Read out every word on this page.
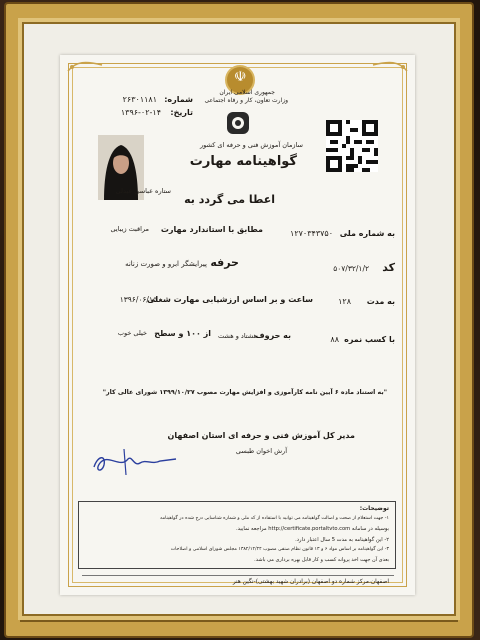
☫
جمهوری اسلامی ایران
وزارت تعاون، کار و رفاه اجتماعی
شماره:
۲۶۳۰۱۱۸۱
تاریخ:
۱۳۹۶-۰۲-۱۴
سازمان آموزش فنی و حرفه ای کشور
گواهینامه مهارت
ستاره عباسی عیدلی
اعطا می گردد به
به شماره ملی
۱۲۷۰۳۴۳۷۵۰
مطابق با استاندارد مهارت
مراقبت زیبایی
کد
۵۰۷/۳۲/۱/۲
حرفه
پیرایشگر ابرو و صورت زنانه
به مدت
۱۲۸
ساعت و بر اساس ارزشیابی مهارت شغلی
۱۳۹۶/۰۶/۱۵
با کسب نمره
۸۸
به حروف
هشتاد و هشت
از ۱۰۰ و سطح
خیلی خوب
"به استناد ماده ۶ آیین نامه کارآموزی و افزایش مهارت مصوب ۱۳۹۹/۱۰/۲۷ شورای عالی کار"
مدیر کل آموزش فنی و حرفه ای استان اصفهان
آرش اخوان طبسی
توضیحات:
۱- جهت استعلام از صحت و اصالت گواهینامه می توانید با استفاده از کد ملی و شماره شناسایی درج شده در گواهینامه
بوسیله در سامانه http://certificate.portaltvto.com مراجعه نمایید.
۲- این گواهینامه به مدت 5 سال اعتبار دارد.
۳- این گواهینامه بر اساس مواد ۶ و ۱۳ قانون نظام صنفی مصوب ۱۳۸۲/۱۲/۲۴ مجلس شورای اسلامی و اصلاحات
بعدی آن جهت اخذ پروانه کسب و کار قابل بهره برداری می باشد.
اصفهان،مرکز شماره دو اصفهان (برادران شهید بهشتی)-نگین هنر
